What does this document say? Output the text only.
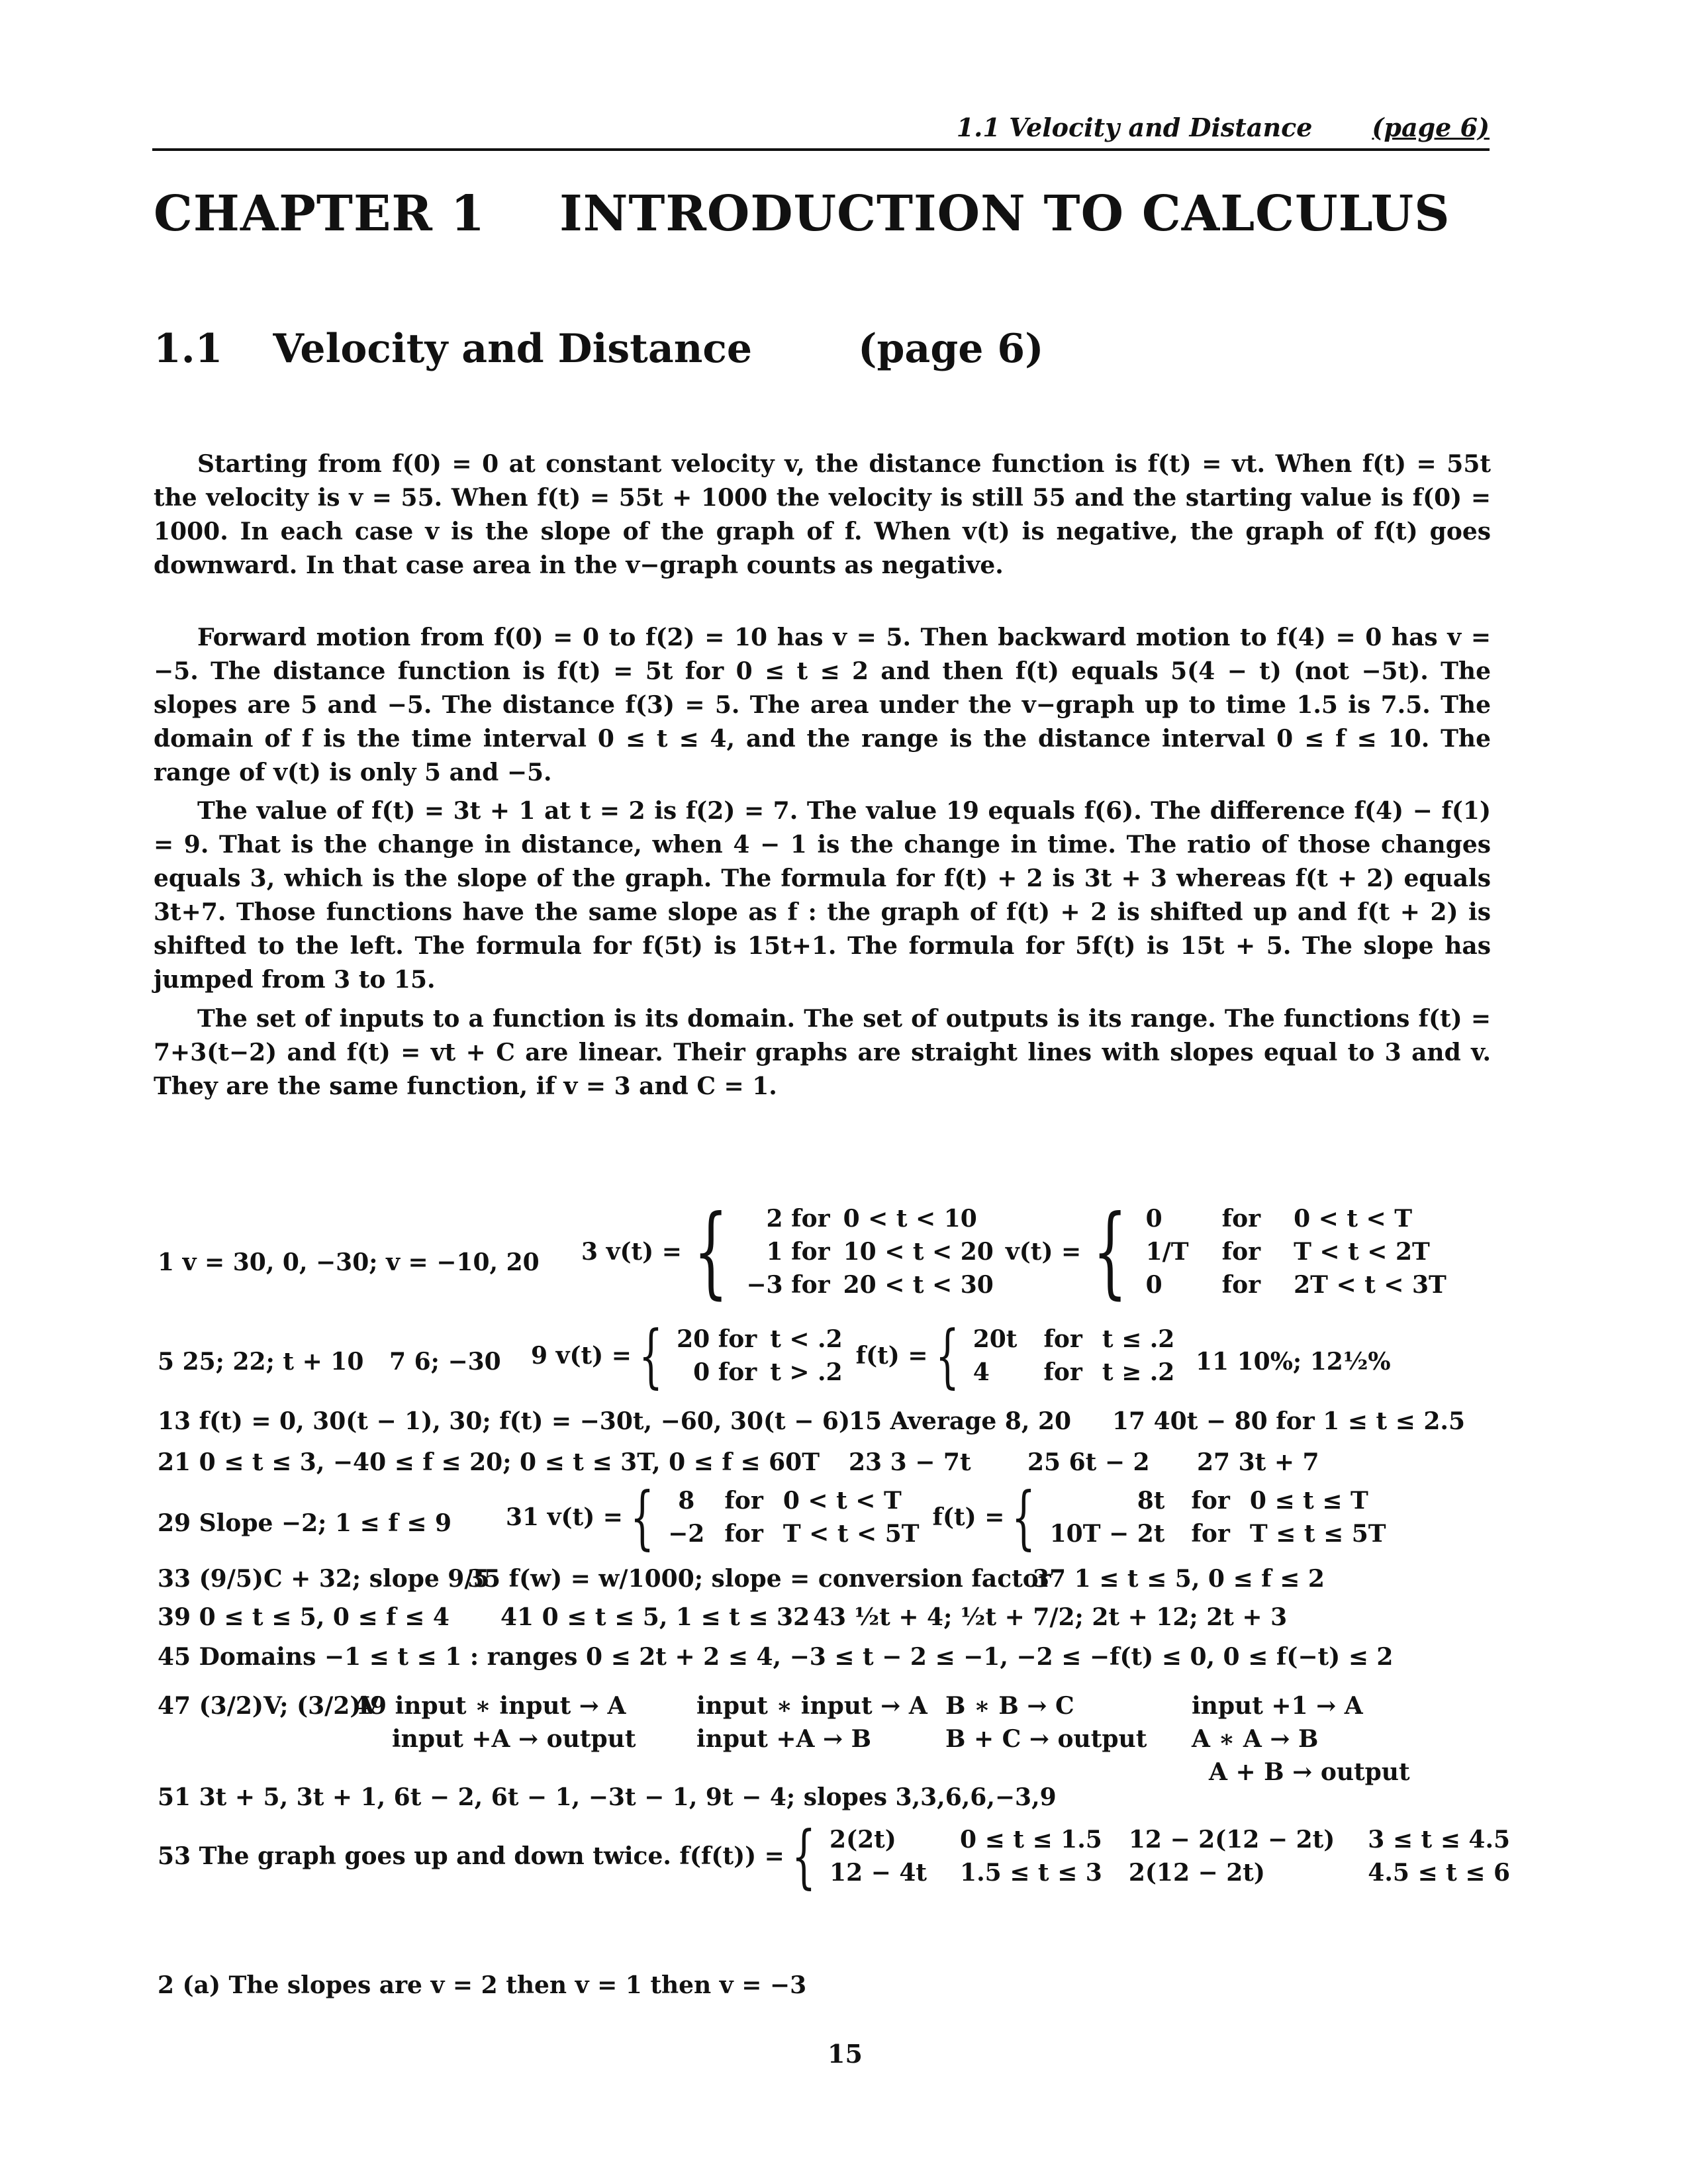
1.1 Velocity and Distance (page 6)
CHAPTER 1 INTRODUCTION TO CALCULUS
1.1 Velocity and Distance	(page 6)
Starting from f(0) = 0 at constant velocity v, the distance function is f(t) = vt. When f(t) = 55t the velocity is v = 55. When f(t) = 55t + 1000 the velocity is still 55 and the starting value is f(0) = 1000. In each case v is the slope of the graph of f. When v(t) is negative, the graph of f(t) goes downward. In that case area in the v−graph counts as negative.
Forward motion from f(0) = 0 to f(2) = 10 has v = 5. Then backward motion to f(4) = 0 has v = −5. The distance function is f(t) = 5t for 0 ≤ t ≤ 2 and then f(t) equals 5(4 − t) (not −5t). The slopes are 5 and −5. The distance f(3) = 5. The area under the v−graph up to time 1.5 is 7.5. The domain of f is the time interval 0 ≤ t ≤ 4, and the range is the distance interval 0 ≤ f ≤ 10. The range of v(t) is only 5 and −5.
The value of f(t) = 3t + 1 at t = 2 is f(2) = 7. The value 19 equals f(6). The difference f(4) − f(1) = 9. That is the change in distance, when 4 − 1 is the change in time. The ratio of those changes equals 3, which is the slope of the graph. The formula for f(t) + 2 is 3t + 3 whereas f(t + 2) equals 3t+7. Those functions have the same slope as f : the graph of f(t) + 2 is shifted up and f(t + 2) is shifted to the left. The formula for f(5t) is 15t+1. The formula for 5f(t) is 15t + 5. The slope has jumped from 3 to 15.
The set of inputs to a function is its domain. The set of outputs is its range. The functions f(t) = 7+3(t−2) and f(t) = vt + C are linear. Their graphs are straight lines with slopes equal to 3 and v. They are the same function, if v = 3 and C = 1.
1 v = 30, 0, −30; v = −10, 20 3 v(t) = { 2 for	0 < t < 10
1 for	10 < t < 20
−3 for	20 < t < 30
v(t) = { 0	for	0 < t < T
1/T	for	T < t < 2T
0	for	2T < t < 3T
5 25; 22; t + 10 7 6; −30 9 v(t) = { 20 for	t < .2
0 for	t > .2
f(t) = { 20t	for	t ≤ .2
4	for	t ≥ .2 11 10%; 12½%
13 f(t) = 0, 30(t − 1), 30; f(t) = −30t, −60, 30(t − 6)
15 Average 8, 20 17 40t − 80 for 1 ≤ t ≤ 2.5
21 0 ≤ t ≤ 3, −40 ≤ f ≤ 20; 0 ≤ t ≤ 3T, 0 ≤ f ≤ 60T 23 3 − 7t 25 6t − 2 27 3t + 7
29 Slope −2; 1 ≤ f ≤ 9 31 v(t) = { 8	for	0 < t < T
−2	for	T < t < 5T
f(t) = {	8t	for	0 ≤ t ≤ T
10T − 2t	for	T ≤ t ≤ 5T
33 (9/5)C + 32; slope 9/5
35 f(w) = w/1000; slope = conversion factor
37 1 ≤ t ≤ 5, 0 ≤ f ≤ 2
39 0 ≤ t ≤ 5, 0 ≤ f ≤ 4 41 0 ≤ t ≤ 5, 1 ≤ t ≤ 32 43 ½t + 4; ½t + 7/2; 2t + 12; 2t + 3
45 Domains −1 ≤ t ≤ 1 : ranges 0 ≤ 2t + 2 ≤ 4, −3 ≤ t − 2 ≤ −1, −2 ≤ −f(t) ≤ 0, 0 ≤ f(−t) ≤ 2
47 (3/2)V; (3/2)V
49 input ∗ input → A
input +A → output
input ∗ input → A
input +A → B
B ∗ B → C
B + C → output
input +1 → A
A ∗ A → B
A + B → output
51 3t + 5, 3t + 1, 6t − 2, 6t − 1, −3t − 1, 9t − 4; slopes 3,3,6,6,−3,9
53 The graph goes up and down twice. f(f(t)) = { 2(2t)	0 ≤ t ≤ 1.5	12 − 2(12 − 2t)	3 ≤ t ≤ 4.5
12 − 4t	1.5 ≤ t ≤ 3	2(12 − 2t)	4.5 ≤ t ≤ 6
2 (a) The slopes are v = 2 then v = 1 then v = −3
15
